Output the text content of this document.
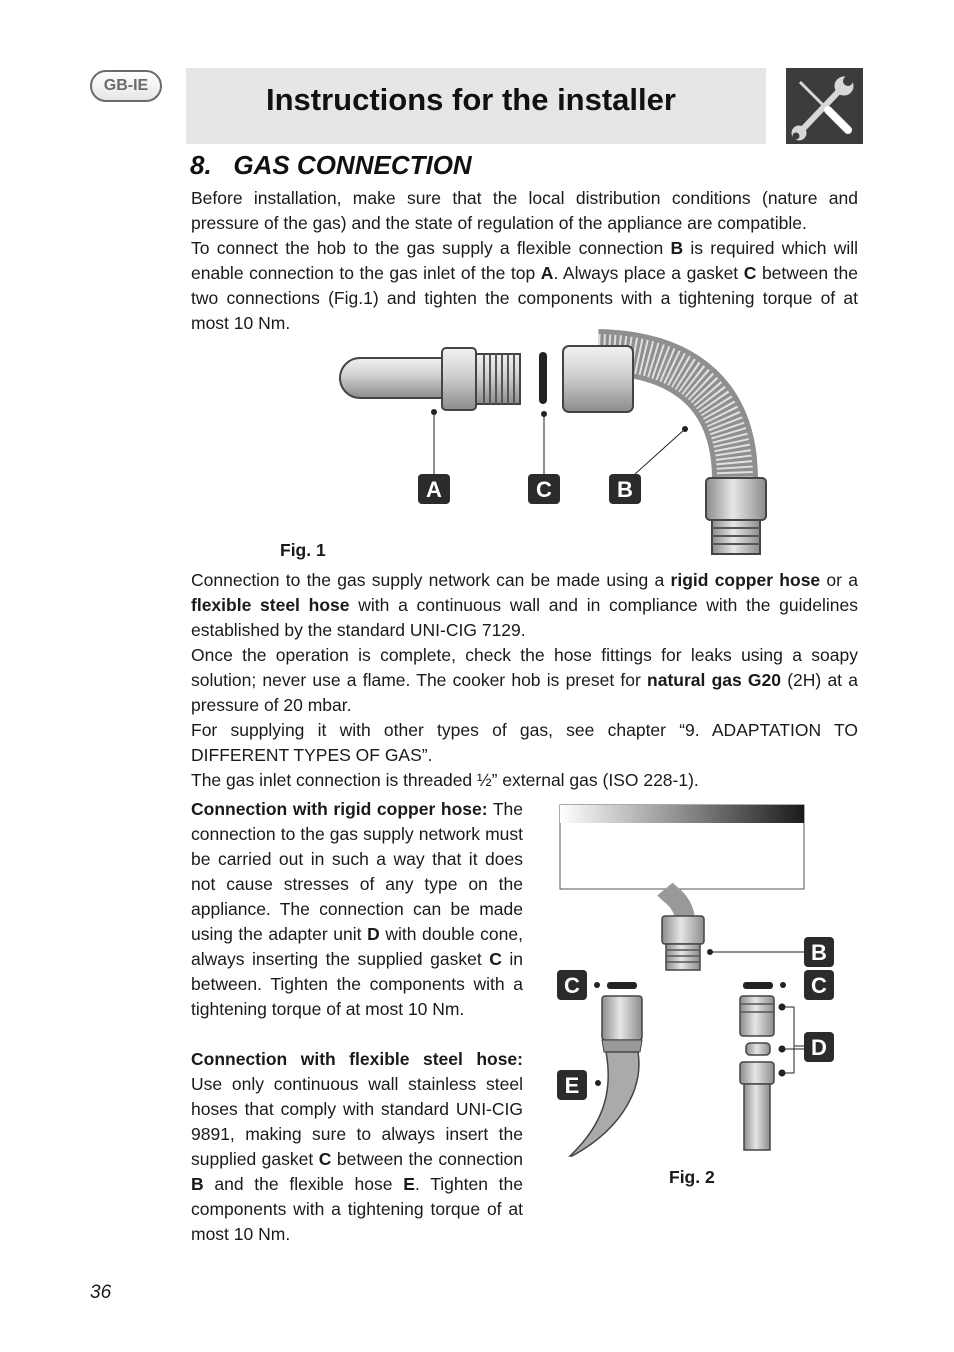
GB-IE	Instructions for the installer
8. GAS CONNECTION

Before installation, make sure that the local distribution conditions (nature and pressure of the gas) and the state of regulation of the appliance are compatible.

To connect the hob to the gas supply a flexible connection B is required which will enable connection to the gas inlet of the top A. Always place a gasket C between the two connections (Fig.1) and tighten the components with a tightening torque of at most 10 Nm.

A	C	B
Fig. 1

Connection to the gas supply network can be made using a rigid copper hose or a flexible steel hose with a continuous wall and in compliance with the guidelines established by the standard UNI-CIG 7129.

Once the operation is complete, check the hose fittings for leaks using a soapy solution; never use a flame. The cooker hob is preset for natural gas G20 (2H) at a pressure of 20 mbar.

For supplying it with other types of gas, see chapter “9. ADAPTATION TO DIFFERENT TYPES OF GAS”.

The gas inlet connection is threaded ½” external gas (ISO 228-1).

Connection with rigid copper hose: The connection to the gas supply network must be carried out in such a way that it does not cause stresses of any type on the appliance. The connection can be made using the adapter unit D with double cone, always inserting the supplied gasket C in between. Tighten the components with a tightening torque of at most 10 Nm.

Connection with flexible steel hose: Use only continuous wall stainless steel hoses that comply with standard UNI-CIG 9891, making sure to always insert the supplied gasket C between the connection B and the flexible hose E. Tighten the components with a tightening torque of at most 10 Nm.

B
C
D
C
E
Fig. 2
36
